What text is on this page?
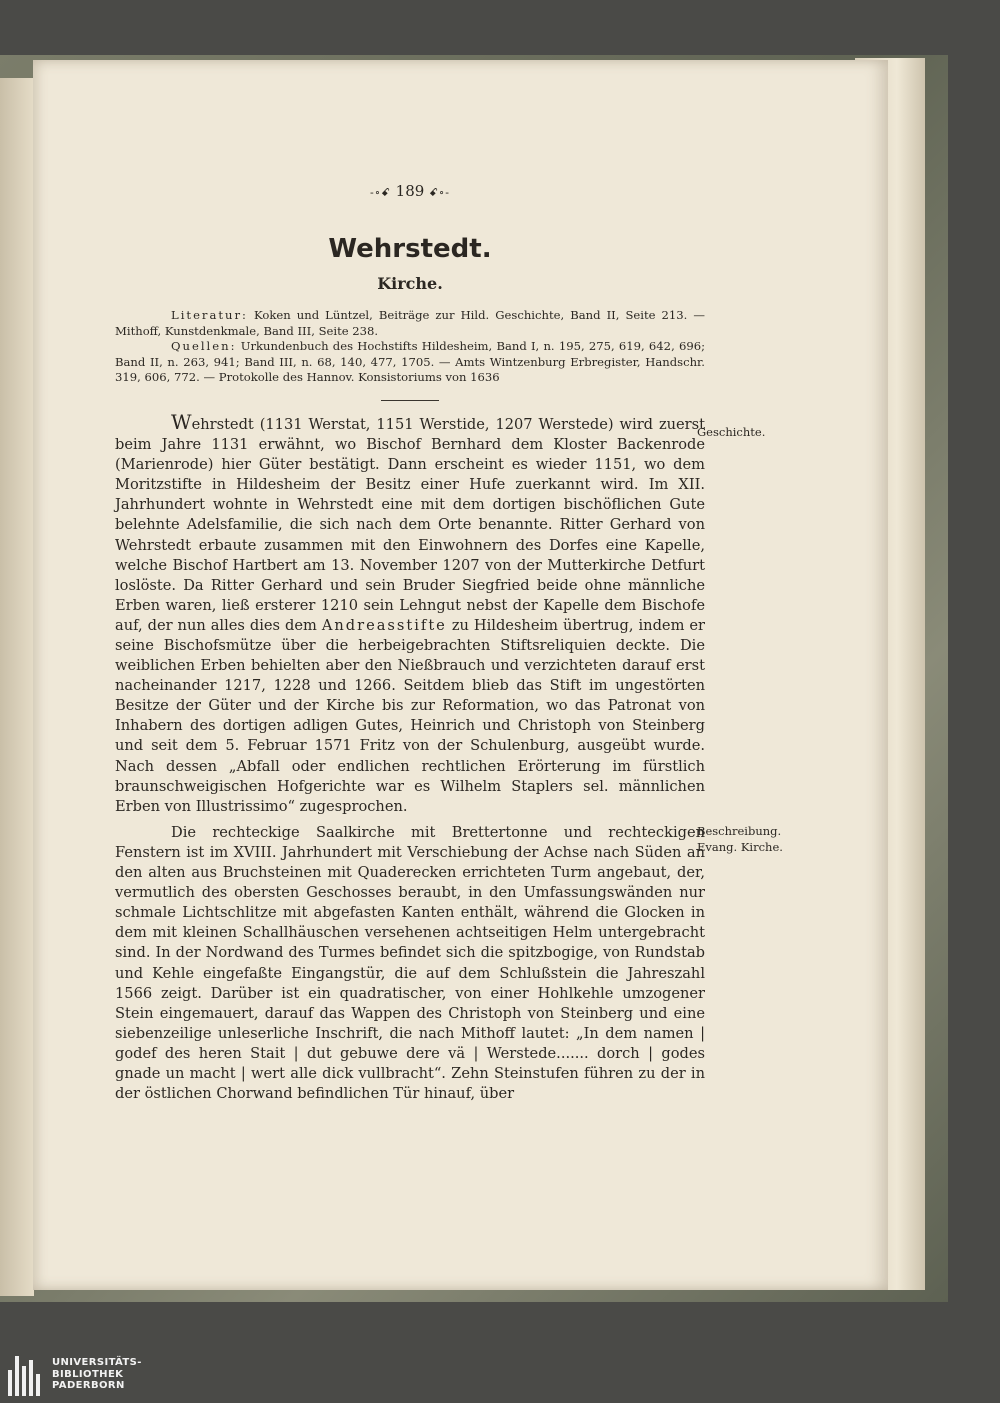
-∘ꗃ 189 ꗃ∘-
Wehrstedt.
Kirche.

Literatur: Koken und Lüntzel, Beiträge zur Hild. Geschichte, Band II, Seite 213. — Mithoff, Kunstdenkmale, Band III, Seite 238.

Quellen: Urkundenbuch des Hochstifts Hildesheim, Band I, n. 195, 275, 619, 642, 696; Band II, n. 263, 941; Band III, n. 68, 140, 477, 1705. — Amts Wintzenburg Erbregister, Handschr. 319, 606, 772. — Protokolle des Hannov. Konsistoriums von 1636

Wehrstedt (1131 Werstat, 1151 Werstide, 1207 Werstede) wird zuerst beim Jahre 1131 erwähnt, wo Bischof Bernhard dem Kloster Backenrode (Marienrode) hier Güter bestätigt. Dann erscheint es wieder 1151, wo dem Moritzstifte in Hildesheim der Besitz einer Hufe zuerkannt wird. Im XII. Jahrhundert wohnte in Wehrstedt eine mit dem dortigen bischöflichen Gute belehnte Adelsfamilie, die sich nach dem Orte benannte. Ritter Gerhard von Wehrstedt erbaute zusammen mit den Einwohnern des Dorfes eine Kapelle, welche Bischof Hartbert am 13. November 1207 von der Mutterkirche Detfurt loslöste. Da Ritter Gerhard und sein Bruder Siegfried beide ohne männliche Erben waren, ließ ersterer 1210 sein Lehngut nebst der Kapelle dem Bischofe auf, der nun alles dies dem Andreasstifte zu Hildesheim übertrug, indem er seine Bischofsmütze über die herbeigebrachten Stiftsreliquien deckte. Die weiblichen Erben behielten aber den Nießbrauch und verzichteten darauf erst nacheinander 1217, 1228 und 1266. Seitdem blieb das Stift im ungestörten Besitze der Güter und der Kirche bis zur Reformation, wo das Patronat von Inhabern des dortigen adligen Gutes, Heinrich und Christoph von Steinberg und seit dem 5. Februar 1571 Fritz von der Schulenburg, ausgeübt wurde. Nach dessen „Abfall oder endlichen rechtlichen Erörterung im fürstlich braunschweigischen Hofgerichte war es Wilhelm Staplers sel. männlichen Erben von Illustrissimo“ zugesprochen.

Die rechteckige Saalkirche mit Brettertonne und rechteckigen Fenstern ist im XVIII. Jahrhundert mit Verschiebung der Achse nach Süden an den alten aus Bruchsteinen mit Quaderecken errichteten Turm angebaut, der, vermutlich des obersten Geschosses beraubt, in den Umfassungswänden nur schmale Lichtschlitze mit abgefasten Kanten enthält, während die Glocken in dem mit kleinen Schallhäuschen versehenen achtseitigen Helm untergebracht sind. In der Nordwand des Turmes befindet sich die spitzbogige, von Rundstab und Kehle eingefaßte Eingangstür, die auf dem Schlußstein die Jahreszahl 1566 zeigt. Darüber ist ein quadratischer, von einer Hohlkehle umzogener Stein eingemauert, darauf das Wappen des Christoph von Steinberg und eine siebenzeilige unleserliche Inschrift, die nach Mithoff lautet: „In dem namen | godef des heren Stait | dut gebuwe dere vä | Werstede....... dorch | godes gnade un macht | wert alle dick vullbracht“. Zehn Steinstufen führen zu der in der östlichen Chorwand befindlichen Tür hinauf, über

Geschichte.
Beschreibung.
Evang. Kirche.
UNIVERSITÄTS-
BIBLIOTHEK
PADERBORN
